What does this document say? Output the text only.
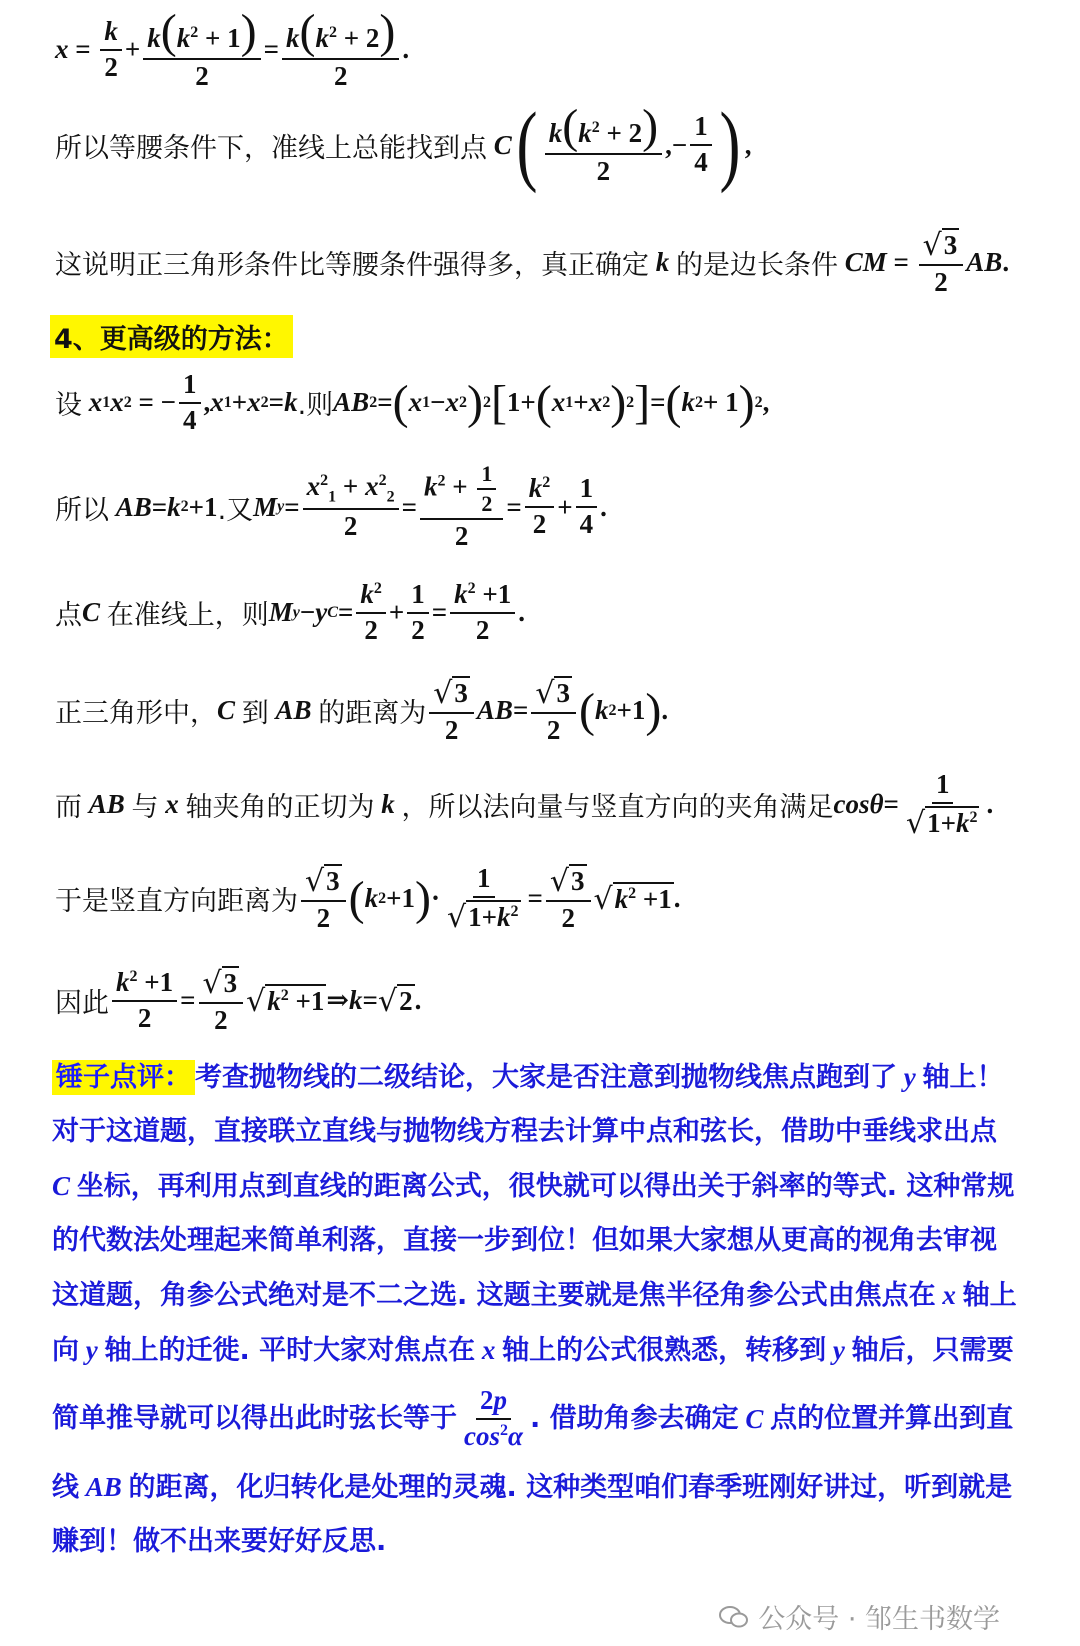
$x = \frac{k}{2} + \frac{k(k^2 + 1)}{2} = \frac{k(k^2 + 2)}{2}$ .
所以等腰条件下，准线上总能找到点 C ( $\frac{k(k^2 + 2)}{2}$ ,− $\frac{1}{4}$ ) ,
这说明正三角形条件比等腰条件强得多，真正确定 k 的是边长条件 CM = $\frac{√ 3}{2}$ AB .
4、更高级的方法：
设 x 1 x 2 = − $\frac{1}{4}$ , x 1 + x 2 = k .则 AB 2 = ( x 1 − x 2 ) 2 [ 1+ ( x 1 + x 2 ) 2 ] = ( k 2 + 1 ) 2 ,
所以 AB = k 2 +1 .又 M $y = \frac{x^2_1 + x^2_2}{2} = \frac{k^2 + \frac{1}{2}}{2} = \frac{k^2}{2} + \frac{1}{4}$ .
点 C 在准线上，则 M y − y $C = \frac{k^2}{2} + \frac{1}{2} = \frac{k^2 +1}{2}$ .
正三角形中， C 到 AB 的距离为 $\frac{√ 3}{2}$ AB = $\frac{√ 3}{2}$ ( k 2 +1 ) .
而 AB 与 x 轴夹角的正切为 k ，所以法向量与竖直方向的夹角满足 $\cos\theta = \frac{1}{√ 1+k^2}$ .
于是竖直方向距离为 $\frac{√ 3}{2}$ ( k 2 +1 ) · $\frac{1}{√ 1+k^2} = \frac{√ 3}{2}$ √ $k^2 +1$ .
因此 $\frac{k^2 +1}{2} = \frac{√ 3}{2}$ √ $k^2 +1$ ⇒ k = √ 2 .
锤子点评： 考查抛物线的二级结论，大家是否注意到抛物线焦点跑到了 y 轴上！
对于这道题，直接联立直线与抛物线方程去计算中点和弦长，借助中垂线求出点
C 坐标，再利用点到直线的距离公式，很快就可以得出关于斜率的等式. 这种常规
的代数法处理起来简单利落，直接一步到位！但如果大家想从更高的视角去审视
这道题，角参公式绝对是不二之选. 这题主要就是焦半径角参公式由焦点在 x 轴上
向 y 轴上的迁徙. 平时大家对焦点在 x 轴上的公式很熟悉，转移到 y 轴后，只需要
简单推导就可以得出此时弦长等于 $\frac{2p}{\cos^2\alpha}$ . 借助角参去确定 C 点的位置并算出到直
线 AB 的距离，化归转化是处理的灵魂. 这种类型咱们春季班刚好讲过，听到就是
赚到！做不出来要好好反思.
公众号 · 邹生书数学
